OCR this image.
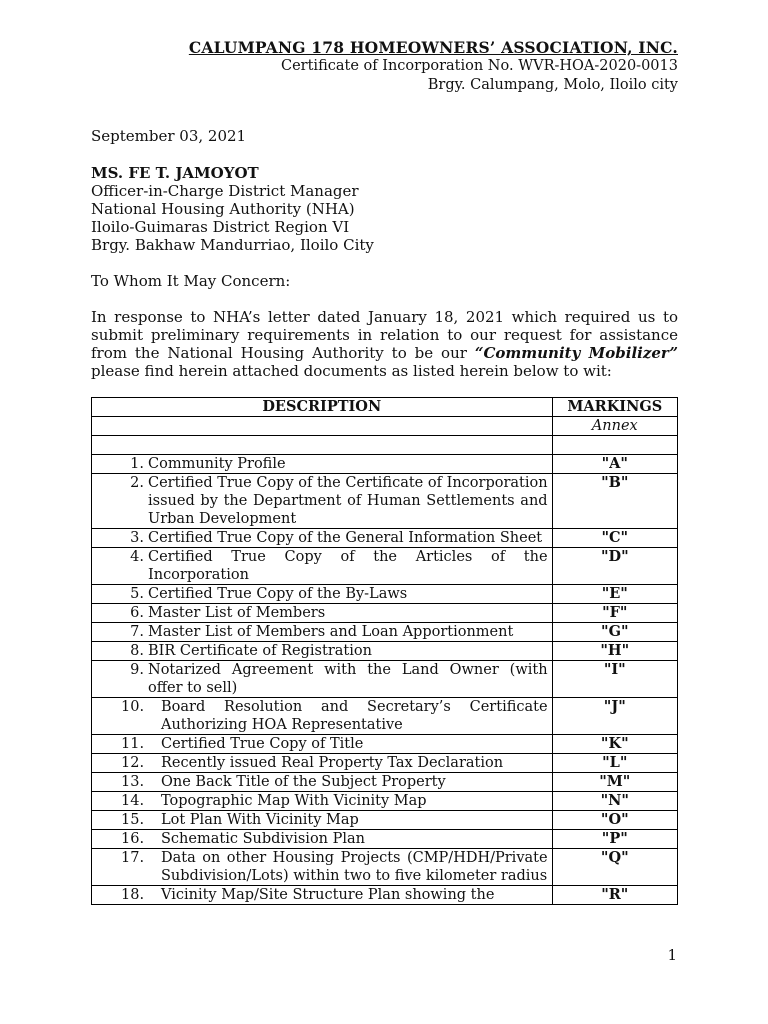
CALUMPANG 178 HOMEOWNERS’ ASSOCIATION, INC.
Certificate of Incorporation No. WVR-HOA-2020-0013
Brgy. Calumpang, Molo, Iloilo city
September 03, 2021
MS. FE T. JAMOYOT
Officer-in-Charge District Manager
National Housing Authority (NHA)
Iloilo-Guimaras District Region VI
Brgy. Bakhaw Mandurriao, Iloilo City
To Whom It May Concern:
In response to NHA’s letter dated January 18, 2021 which required us to submit preliminary requirements in relation to our request for assistance from the National Housing Authority to be our “Community Mobilizer” please find herein attached documents as listed herein below to wit:
DESCRIPTION	MARKINGS
	Annex

1. Community Profile	"A"

2. Certified True Copy of the Certificate of Incorporation issued by the Department of Human Settlements and Urban Development	"B"

3. Certified True Copy of the General Information Sheet	"C"

4. Certified True Copy of the Articles of the Incorporation	"D"

5. Certified True Copy of the By-Laws	"E"

6. Master List of Members	"F"

7. Master List of Members and Loan Apportionment	"G"

8. BIR Certificate of Registration	"H"

9. Notarized Agreement with the Land Owner (with offer to sell)	"I"

10. Board Resolution and Secretary’s Certificate Authorizing HOA Representative	"J"

11. Certified True Copy of Title	"K"

12. Recently issued Real Property Tax Declaration	"L"

13. One Back Title of the Subject Property	"M"

14. Topographic Map With Vicinity Map	"N"

15. Lot Plan With Vicinity Map	"O"

16. Schematic Subdivision Plan	"P"

17. Data on other Housing Projects (CMP/HDH/Private Subdivision/Lots) within two to five kilometer radius	"Q"

18. Vicinity Map/Site Structure Plan showing the	"R"
1
